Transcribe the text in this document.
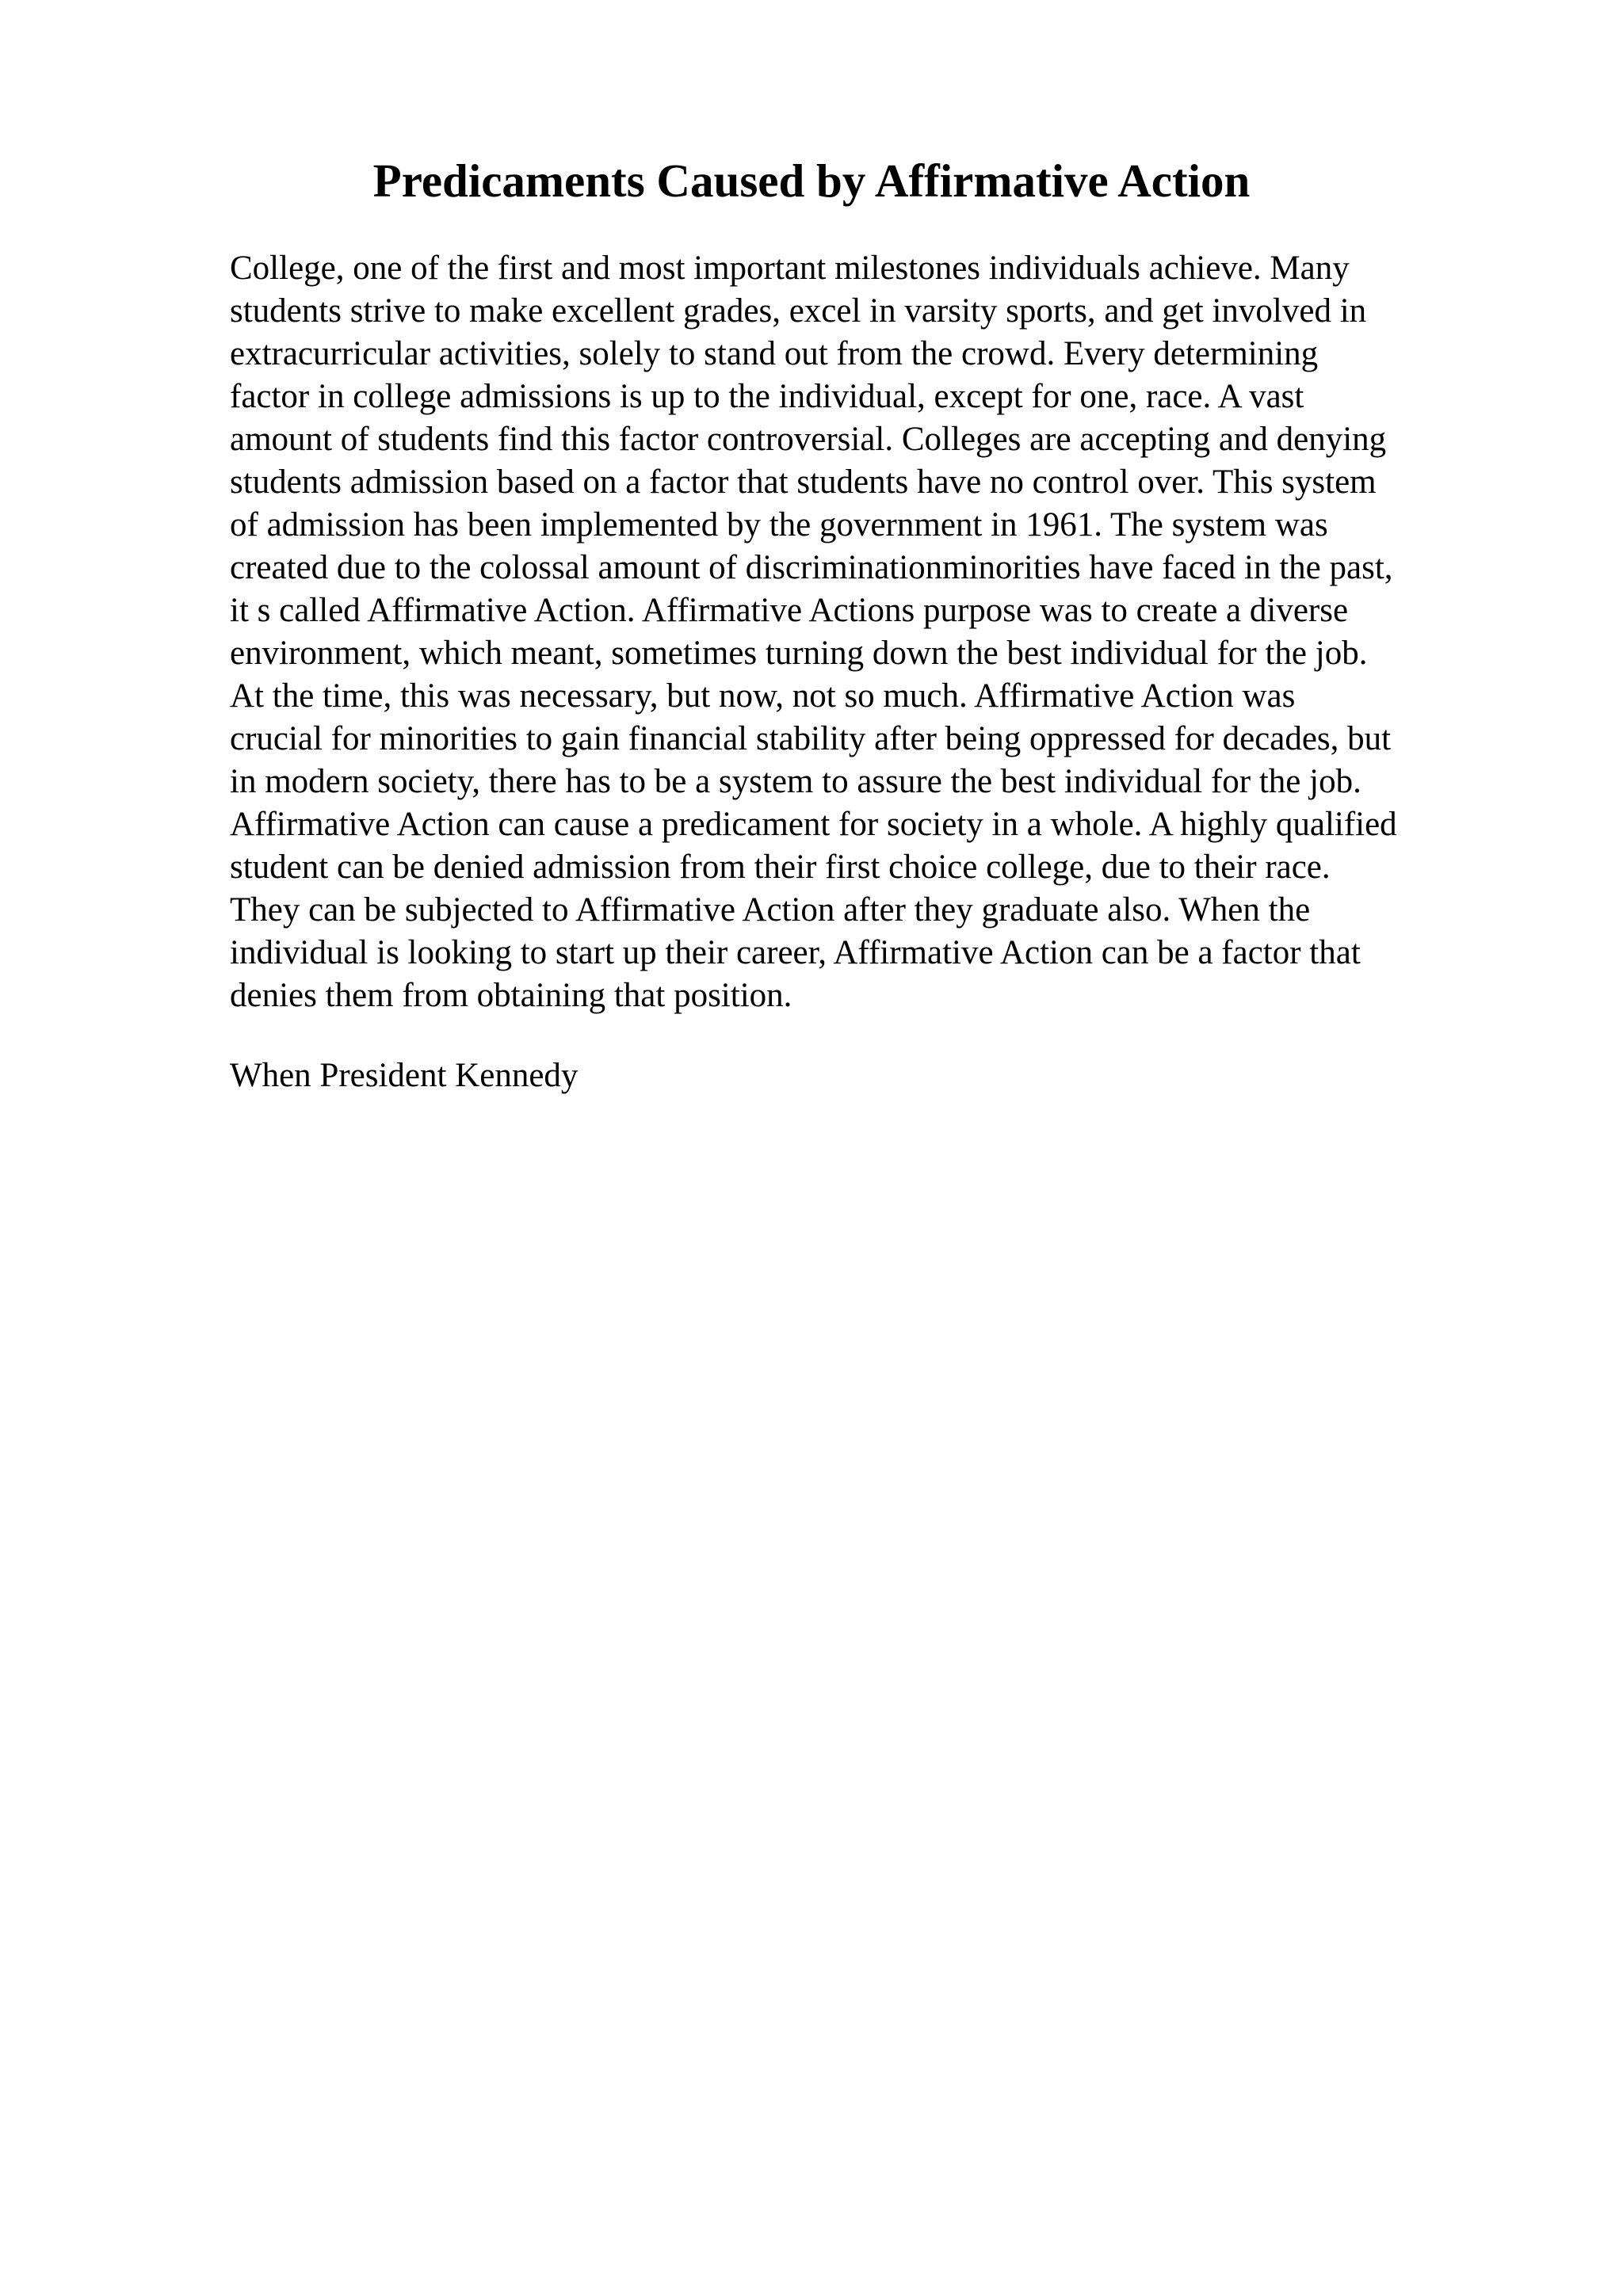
Predicaments Caused by Affirmative Action
College, one of the first and most important milestones individuals achieve. Many
students strive to make excellent grades, excel in varsity sports, and get involved in
extracurricular activities, solely to stand out from the crowd. Every determining
factor in college admissions is up to the individual, except for one, race. A vast
amount of students find this factor controversial. Colleges are accepting and denying
students admission based on a factor that students have no control over. This system
of admission has been implemented by the government in 1961. The system was
created due to the colossal amount of discriminationminorities have faced in the past,
it s called Affirmative Action. Affirmative Actions purpose was to create a diverse
environment, which meant, sometimes turning down the best individual for the job.
At the time, this was necessary, but now, not so much. Affirmative Action was
crucial for minorities to gain financial stability after being oppressed for decades, but
in modern society, there has to be a system to assure the best individual for the job.
Affirmative Action can cause a predicament for society in a whole. A highly qualified
student can be denied admission from their first choice college, due to their race.
They can be subjected to Affirmative Action after they graduate also. When the
individual is looking to start up their career, Affirmative Action can be a factor that
denies them from obtaining that position.

When President Kennedy
